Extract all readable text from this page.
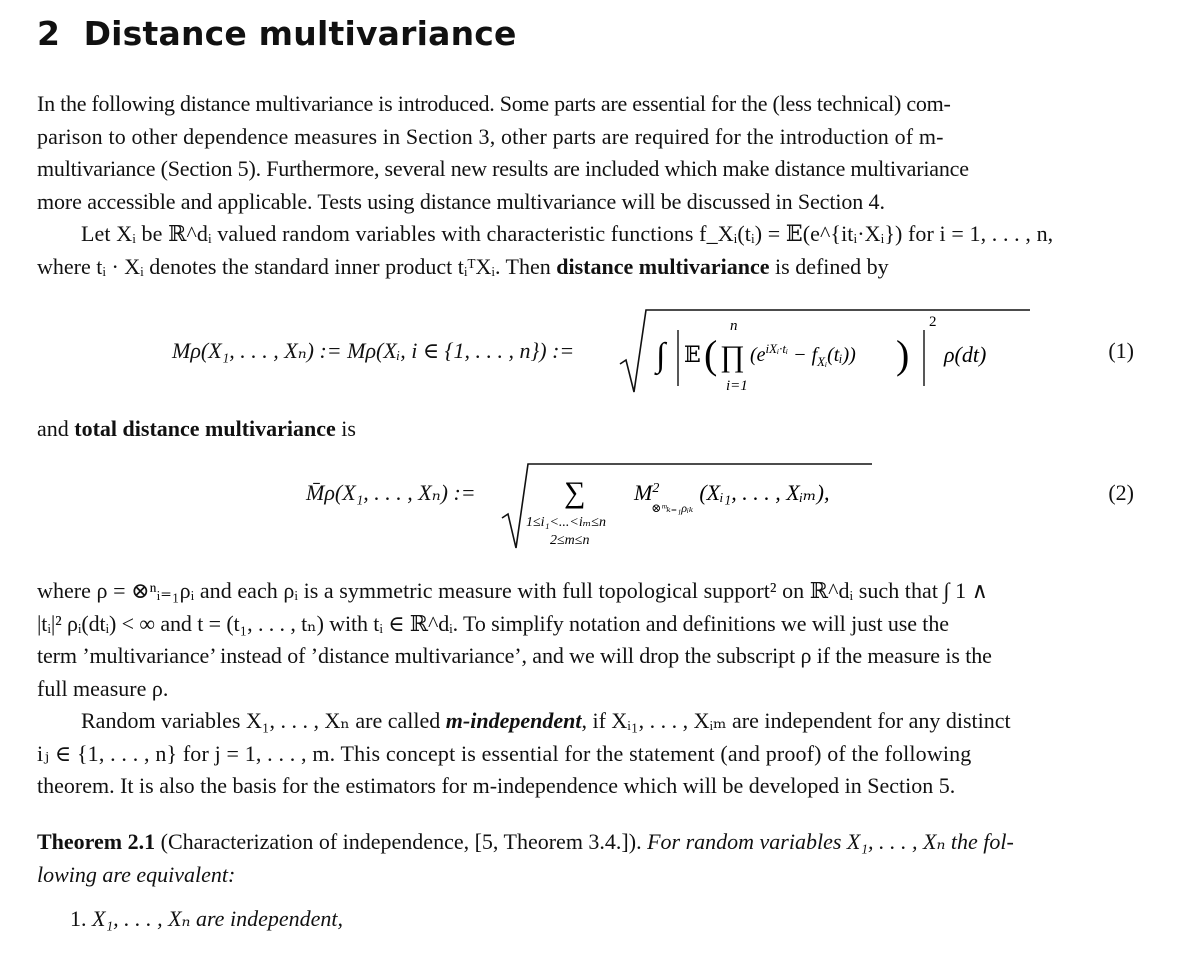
2 Distance multivariance
In the following distance multivariance is introduced. Some parts are essential for the (less technical) com-
parison to other dependence measures in Section 3, other parts are required for the introduction of m-
multivariance (Section 5). Furthermore, several new results are included which make distance multivariance
more accessible and applicable. Tests using distance multivariance will be discussed in Section 4.
Let Xᵢ be ℝ^dᵢ valued random variables with characteristic functions f_Xᵢ(tᵢ) = 𝔼(e^{itᵢ·Xᵢ}) for i = 1, . . . , n,
where tᵢ · Xᵢ denotes the standard inner product tᵢᵀXᵢ. Then distance multivariance is defined by
Mρ(X₁, . . . , Xₙ) := Mρ(Xᵢ, i ∈ {1, . . . , n}) := ∫ 𝔼 (
n
∏
i=1
($e^{iXᵢ\cdot tᵢ}$ − $f_{Xᵢ}(tᵢ)$) )
2
ρ(dt)	(1)
and total distance multivariance is
M̄ρ(X₁, . . . , Xₙ) :=	∑
1≤i₁<...<iₘ≤n
2≤m≤n
$M^2$ ⊗ᵐₖ₌₁ρᵢₖ(Xᵢ₁, . . . , Xᵢₘ),	(2)
where ρ = ⊗ⁿᵢ₌₁ρᵢ and each ρᵢ is a symmetric measure with full topological support² on ℝ^dᵢ such that ∫ 1 ∧
|tᵢ|² ρᵢ(dtᵢ) < ∞ and t = (t₁, . . . , tₙ) with tᵢ ∈ ℝ^dᵢ. To simplify notation and definitions we will just use the
term ’multivariance’ instead of ’distance multivariance’, and we will drop the subscript ρ if the measure is the
full measure ρ.
Random variables X₁, . . . , Xₙ are called m-independent, if Xᵢ₁, . . . , Xᵢₘ are independent for any distinct
iⱼ ∈ {1, . . . , n} for j = 1, . . . , m. This concept is essential for the statement (and proof) of the following
theorem. It is also the basis for the estimators for m-independence which will be developed in Section 5.
Theorem 2.1 (Characterization of independence, [5, Theorem 3.4.]). For random variables X₁, . . . , Xₙ the fol-
lowing are equivalent:
1. X₁, . . . , Xₙ are independent,
